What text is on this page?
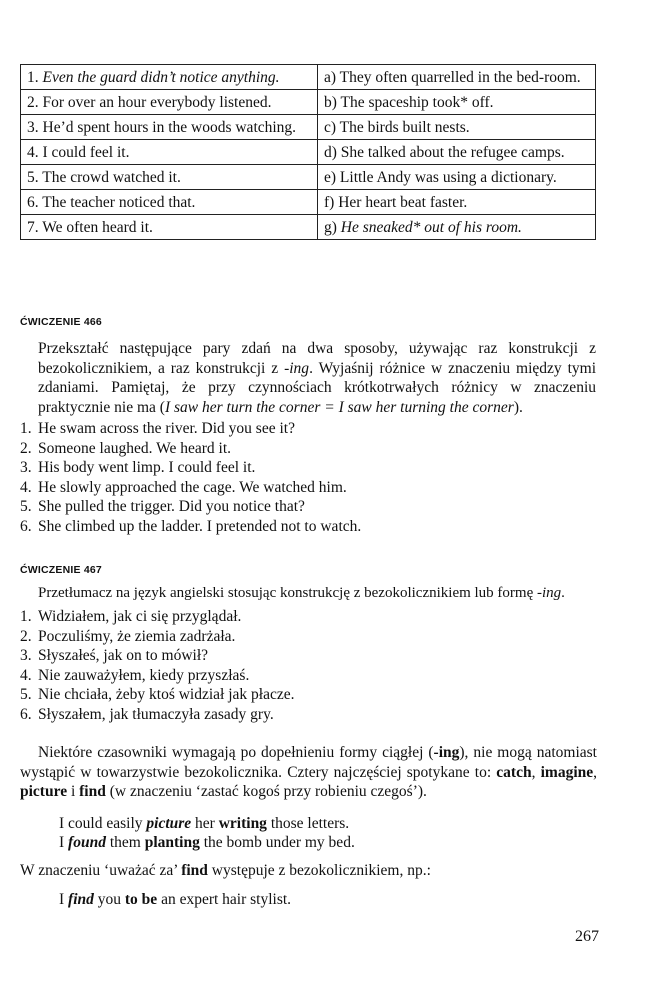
1. Even the guard didn’t notice anything.	a) They often quarrelled in the bed-room.
2. For over an hour everybody listened.	b) The spaceship took* off.
3. He’d spent hours in the woods watching.	c) The birds built nests.
4. I could feel it.	d) She talked about the refugee camps.
5. The crowd watched it.	e) Little Andy was using a dictionary.
6. The teacher noticed that.	f) Her heart beat faster.
7. We often heard it.	g) He sneaked* out of his room.
ĆWICZENIE 466
Przekształć następujące pary zdań na dwa sposoby, używając raz konstrukcji z bezokolicznikiem, a raz konstrukcji z -ing. Wyjaśnij różnice w znaczeniu między tymi zdaniami. Pamiętaj, że przy czynnościach krótkotrwałych różnicy w znaczeniu praktycznie nie ma (I saw her turn the corner = I saw her turning the corner).
1. He swam across the river. Did you see it?
2. Someone laughed. We heard it.
3. His body went limp. I could feel it.
4. He slowly approached the cage. We watched him.
5. She pulled the trigger. Did you notice that?
6. She climbed up the ladder. I pretended not to watch.
ĆWICZENIE 467
Przetłumacz na język angielski stosując konstrukcję z bezokolicznikiem lub formę -ing.
1. Widziałem, jak ci się przyglądał.
2. Poczuliśmy, że ziemia zadrżała.
3. Słyszałeś, jak on to mówił?
4. Nie zauważyłem, kiedy przyszłaś.
5. Nie chciała, żeby ktoś widział jak płacze.
6. Słyszałem, jak tłumaczyła zasady gry.
Niektóre czasowniki wymagają po dopełnieniu formy ciągłej (-ing), nie mogą natomiast wystąpić w towarzystwie bezokolicznika. Cztery najczęściej spotykane to: catch, imagine, picture i find (w znaczeniu ‘zastać kogoś przy robieniu czegoś’).
I could easily picture her writing those letters.
I found them planting the bomb under my bed.
W znaczeniu ‘uważać za’ find występuje z bezokolicznikiem, np.:
I find you to be an expert hair stylist.
267
